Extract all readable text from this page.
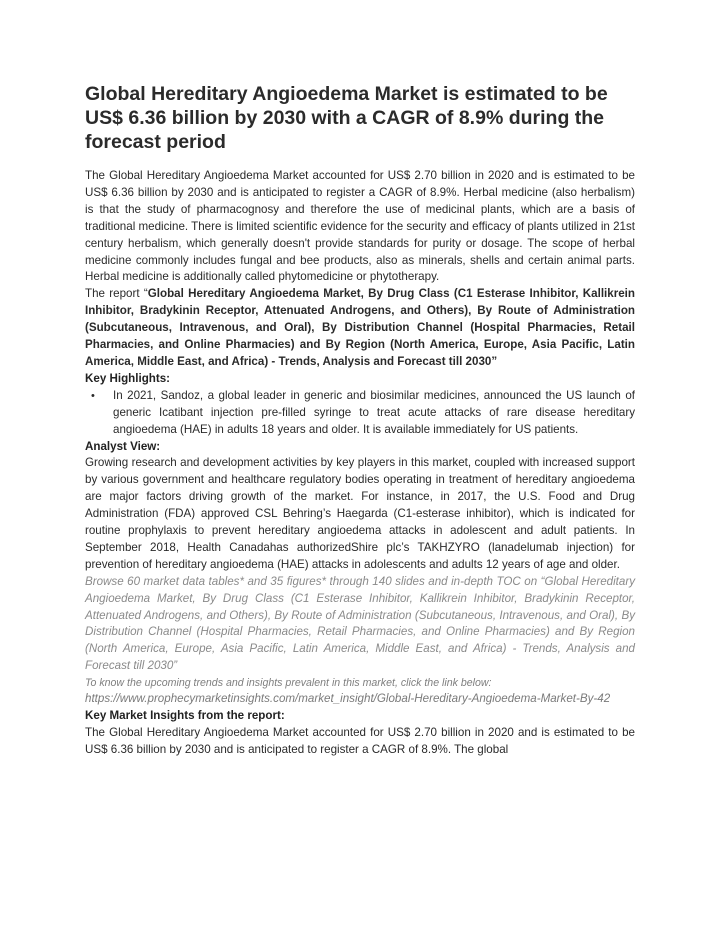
Global Hereditary Angioedema Market is estimated to be US$ 6.36 billion by 2030 with a CAGR of 8.9% during the forecast period

The Global Hereditary Angioedema Market accounted for US$ 2.70 billion in 2020 and is estimated to be US$ 6.36 billion by 2030 and is anticipated to register a CAGR of 8.9%. Herbal medicine (also herbalism) is that the study of pharmacognosy and therefore the use of medicinal plants, which are a basis of traditional medicine. There is limited scientific evidence for the security and efficacy of plants utilized in 21st century herbalism, which generally doesn't provide standards for purity or dosage. The scope of herbal medicine commonly includes fungal and bee products, also as minerals, shells and certain animal parts. Herbal medicine is additionally called phytomedicine or phytotherapy.

The report “Global Hereditary Angioedema Market, By Drug Class (C1 Esterase Inhibitor, Kallikrein Inhibitor, Bradykinin Receptor, Attenuated Androgens, and Others), By Route of Administration (Subcutaneous, Intravenous, and Oral), By Distribution Channel (Hospital Pharmacies, Retail Pharmacies, and Online Pharmacies) and By Region (North America, Europe, Asia Pacific, Latin America, Middle East, and Africa) - Trends, Analysis and Forecast till 2030”

Key Highlights:

• In 2021, Sandoz, a global leader in generic and biosimilar medicines, announced the US launch of generic Icatibant injection pre-filled syringe to treat acute attacks of rare disease hereditary angioedema (HAE) in adults 18 years and older. It is available immediately for US patients.

Analyst View:

Growing research and development activities by key players in this market, coupled with increased support by various government and healthcare regulatory bodies operating in treatment of hereditary angioedema are major factors driving growth of the market. For instance, in 2017, the U.S. Food and Drug Administration (FDA) approved CSL Behring’s Haegarda (C1-esterase inhibitor), which is indicated for routine prophylaxis to prevent hereditary angioedema attacks in adolescent and adult patients. In September 2018, Health Canadahas authorizedShire plc’s TAKHZYRO (lanadelumab injection) for prevention of hereditary angioedema (HAE) attacks in adolescents and adults 12 years of age and older.

Browse 60 market data tables* and 35 figures* through 140 slides and in-depth TOC on “Global Hereditary Angioedema Market, By Drug Class (C1 Esterase Inhibitor, Kallikrein Inhibitor, Bradykinin Receptor, Attenuated Androgens, and Others), By Route of Administration (Subcutaneous, Intravenous, and Oral), By Distribution Channel (Hospital Pharmacies, Retail Pharmacies, and Online Pharmacies) and By Region (North America, Europe, Asia Pacific, Latin America, Middle East, and Africa) - Trends, Analysis and Forecast till 2030”

To know the upcoming trends and insights prevalent in this market, click the link below:

https://www.prophecymarketinsights.com/market_insight/Global-Hereditary-Angioedema-Market-By-42

Key Market Insights from the report:

The Global Hereditary Angioedema Market accounted for US$ 2.70 billion in 2020 and is estimated to be US$ 6.36 billion by 2030 and is anticipated to register a CAGR of 8.9%. The global
